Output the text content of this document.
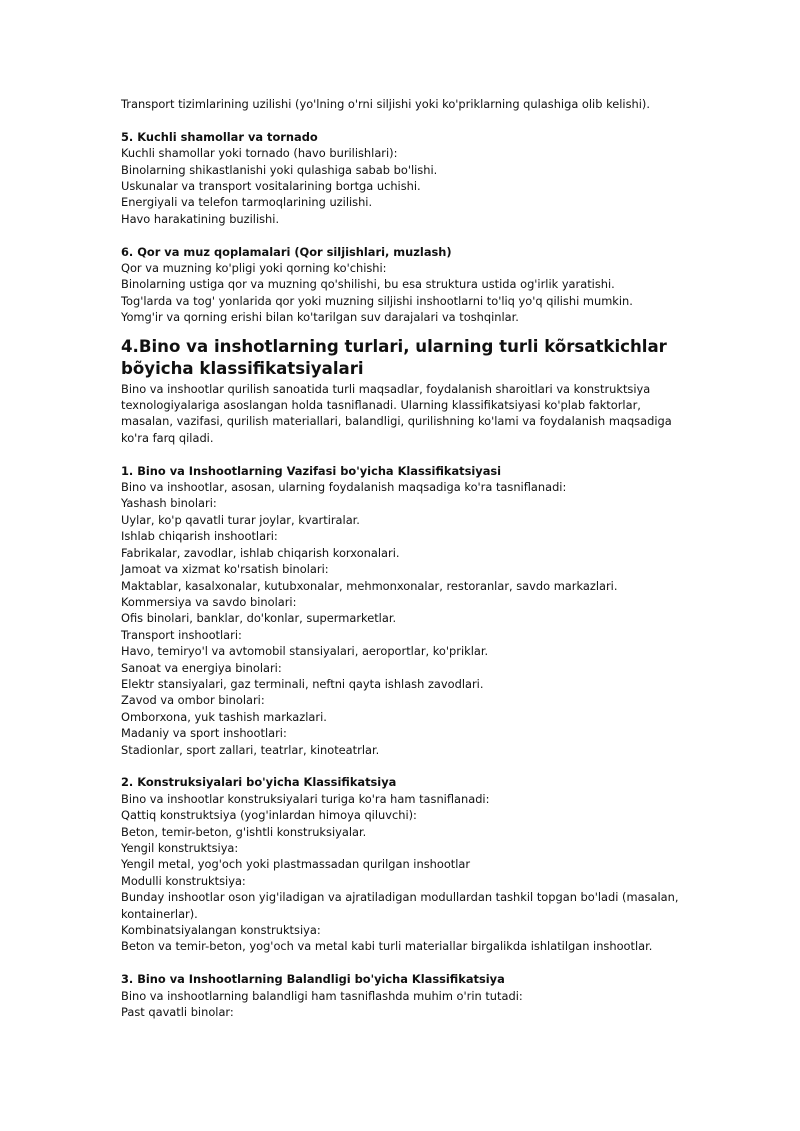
Transport tizimlarining uzilishi (yo'lning o'rni siljishi yoki ko'priklarning qulashiga olib kelishi).
5. Kuchli shamollar va tornado
Kuchli shamollar yoki tornado (havo burilishlari):
Binolarning shikastlanishi yoki qulashiga sabab bo'lishi.
Uskunalar va transport vositalarining bortga uchishi.
Energiyali va telefon tarmoqlarining uzilishi.
Havo harakatining buzilishi.
6. Qor va muz qoplamalari (Qor siljishlari, muzlash)
Qor va muzning ko'pligi yoki qorning ko'chishi:
Binolarning ustiga qor va muzning qo'shilishi, bu esa struktura ustida og'irlik yaratishi.
Tog'larda va tog' yonlarida qor yoki muzning siljishi inshootlarni to'liq yo'q qilishi mumkin.
Yomg'ir va qorning erishi bilan ko'tarilgan suv darajalari va toshqinlar.
4.Bino va inshotlarning turlari, ularning turli kõrsatkichlar bõyicha klassifikatsiyalari
Bino va inshootlar qurilish sanoatida turli maqsadlar, foydalanish sharoitlari va konstruktsiya texnologiyalariga asoslangan holda tasniflanadi. Ularning klassifikatsiyasi ko'plab faktorlar, masalan, vazifasi, qurilish materiallari, balandligi, qurilishning ko'lami va foydalanish maqsadiga ko'ra farq qiladi.
1. Bino va Inshootlarning Vazifasi bo'yicha Klassifikatsiyasi
Bino va inshootlar, asosan, ularning foydalanish maqsadiga ko'ra tasniflanadi:
Yashash binolari:
Uylar, ko'p qavatli turar joylar, kvartiralar.
Ishlab chiqarish inshootlari:
Fabrikalar, zavodlar, ishlab chiqarish korxonalari.
Jamoat va xizmat ko'rsatish binolari:
Maktablar, kasalxonalar, kutubxonalar, mehmonxonalar, restoranlar, savdo markazlari.
Kommersiya va savdo binolari:
Ofis binolari, banklar, do'konlar, supermarketlar.
Transport inshootlari:
Havo, temiryo'l va avtomobil stansiyalari, aeroportlar, ko'priklar.
Sanoat va energiya binolari:
Elektr stansiyalari, gaz terminali, neftni qayta ishlash zavodlari.
Zavod va ombor binolari:
Omborxona, yuk tashish markazlari.
Madaniy va sport inshootlari:
Stadionlar, sport zallari, teatrlar, kinoteatrlar.
2. Konstruksiyalari bo'yicha Klassifikatsiya
Bino va inshootlar konstruksiyalari turiga ko'ra ham tasniflanadi:
Qattiq konstruktsiya (yog'inlardan himoya qiluvchi):
Beton, temir-beton, g'ishtli konstruksiyalar.
Yengil konstruktsiya:
Yengil metal, yog'och yoki plastmassadan qurilgan inshootlar
Modulli konstruktsiya:
Bunday inshootlar oson yig'iladigan va ajratiladigan modullardan tashkil topgan bo'ladi (masalan, kontainerlar).
Kombinatsiyalangan konstruktsiya:
Beton va temir-beton, yog'och va metal kabi turli materiallar birgalikda ishlatilgan inshootlar.
3. Bino va Inshootlarning Balandligi bo'yicha Klassifikatsiya
Bino va inshootlarning balandligi ham tasniflashda muhim o'rin tutadi:
Past qavatli binolar:
